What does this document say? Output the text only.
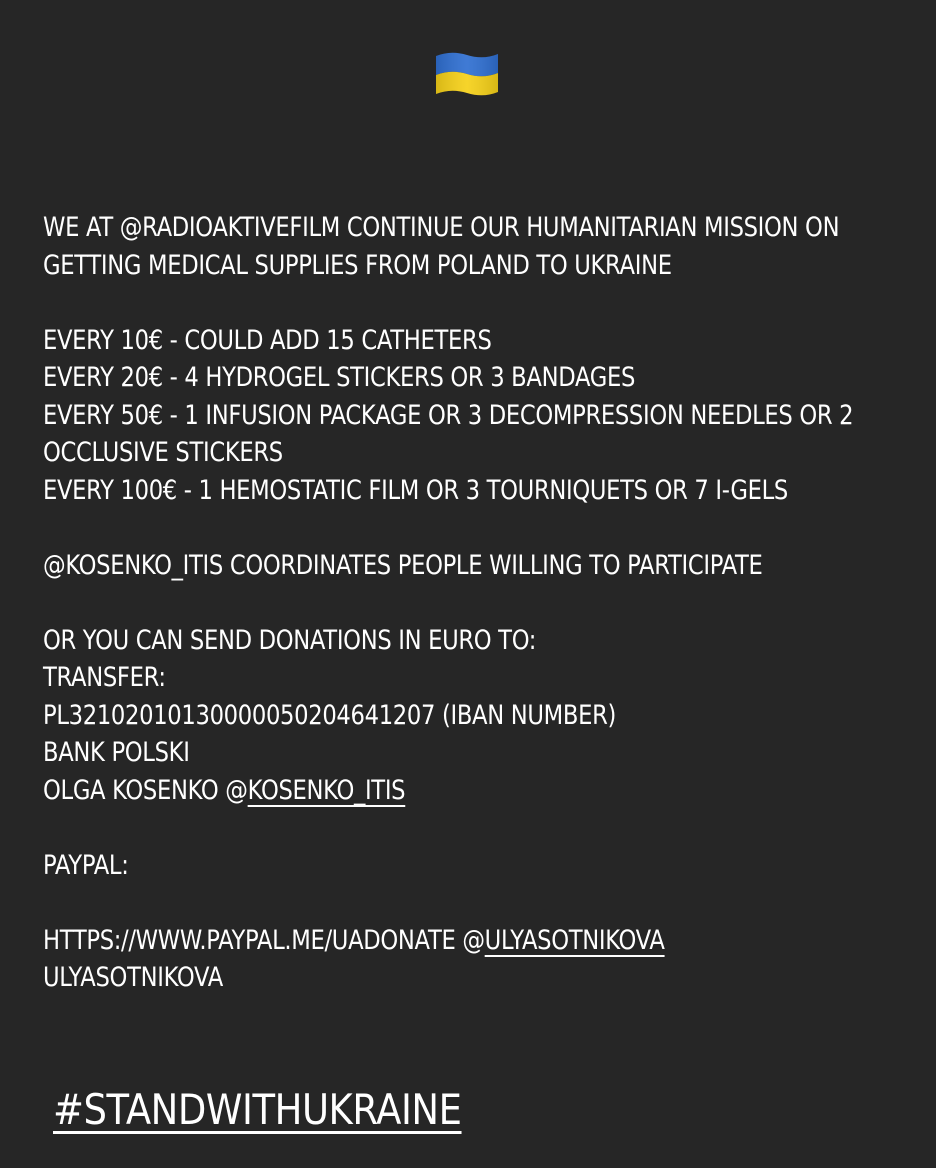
WE AT @RADIOAKTIVEFILM CONTINUE OUR HUMANITARIAN MISSION ON
GETTING MEDICAL SUPPLIES FROM POLAND TO UKRAINE
EVERY 10€ - COULD ADD 15 CATHETERS
EVERY 20€ - 4 HYDROGEL STICKERS OR 3 BANDAGES
EVERY 50€ - 1 INFUSION PACKAGE OR 3 DECOMPRESSION NEEDLES OR 2
OCCLUSIVE STICKERS
EVERY 100€ - 1 HEMOSTATIC FILM OR 3 TOURNIQUETS OR 7 I-GELS
@KOSENKO_ITIS COORDINATES PEOPLE WILLING TO PARTICIPATE
OR YOU CAN SEND DONATIONS IN EURO TO:
TRANSFER:
PL32102010130000050204641207 (IBAN NUMBER)
BANK POLSKI
OLGA KOSENKO @KOSENKO_ITIS
PAYPAL:
HTTPS://WWW.PAYPAL.ME/UADONATE @ULYASOTNIKOVA
ULYASOTNIKOVA
#STANDWITHUKRAINE
